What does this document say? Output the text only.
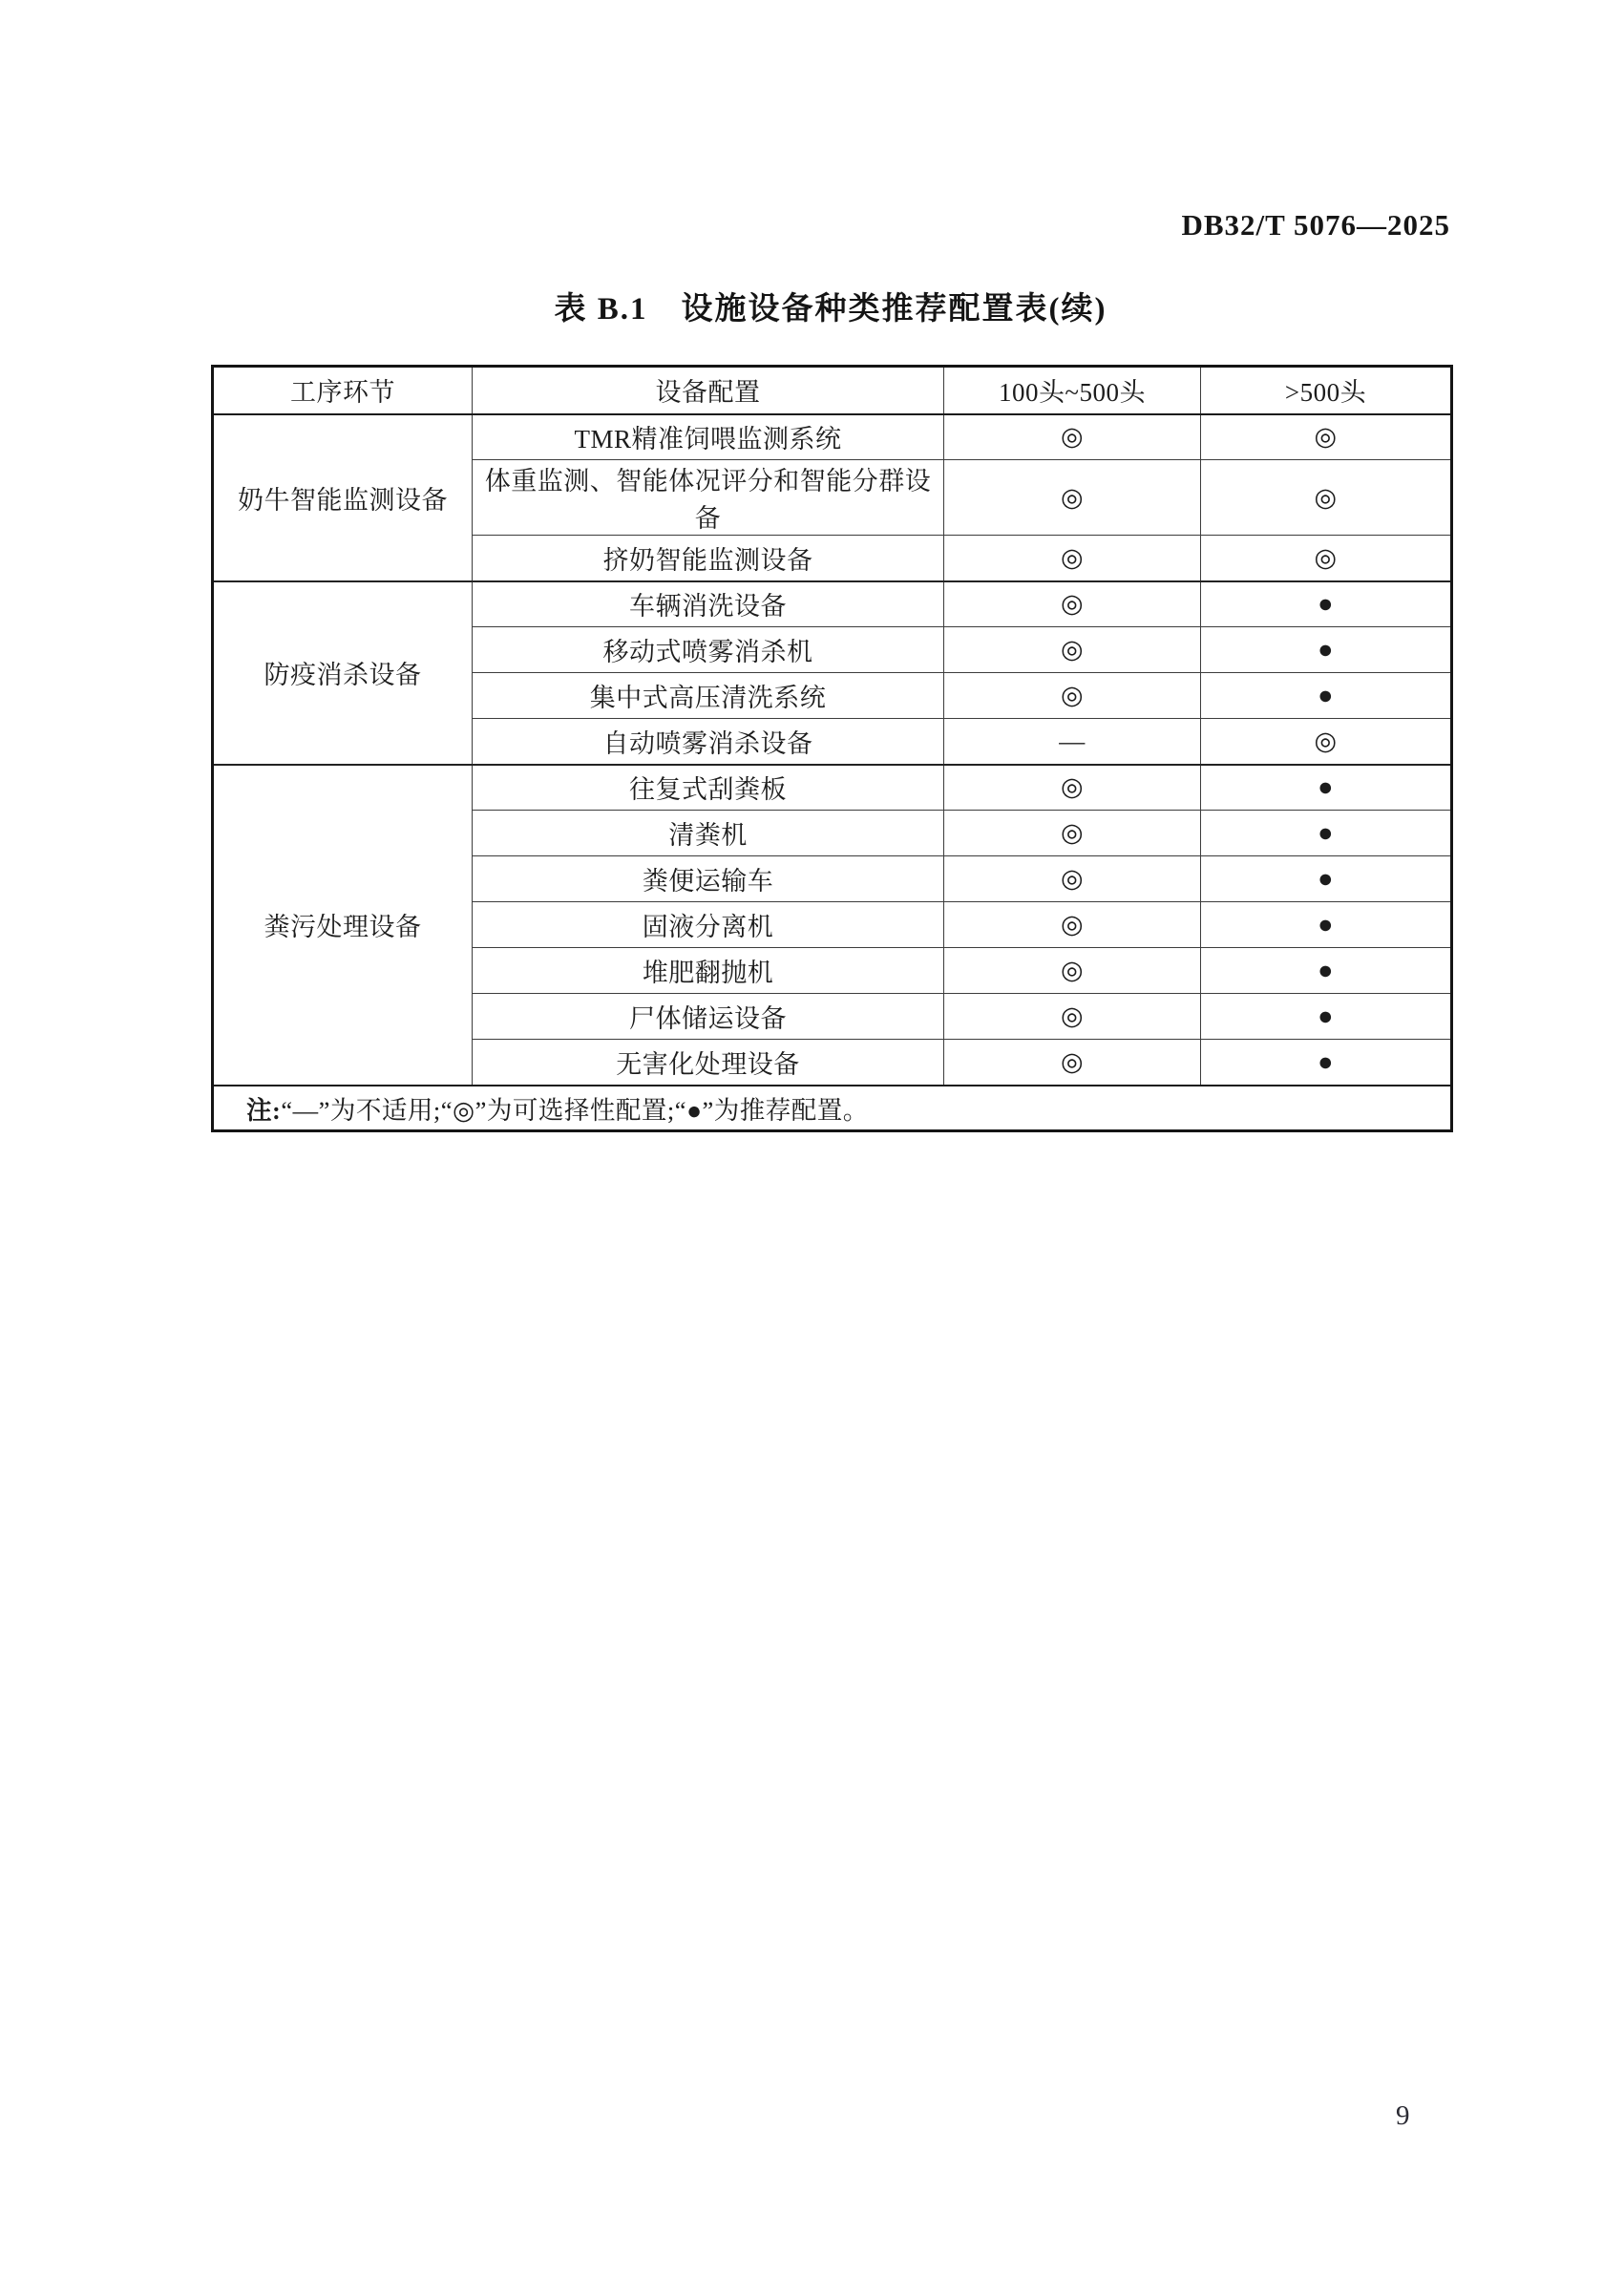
DB32/T 5076—2025
表 B.1　设施设备种类推荐配置表(续)
工序环节	设备配置	100头~500头	>500头
奶牛智能监测设备	TMR精准饲喂监测系统	◎	◎
	体重监测、智能体况评分和智能分群设备	◎	◎
	挤奶智能监测设备	◎	◎
防疫消杀设备	车辆消洗设备	◎	●
	移动式喷雾消杀机	◎	●
	集中式高压清洗系统	◎	●
	自动喷雾消杀设备	—	◎
粪污处理设备	往复式刮粪板	◎	●
	清粪机	◎	●
	粪便运输车	◎	●
	固液分离机	◎	●
	堆肥翻抛机	◎	●
	尸体储运设备	◎	●
	无害化处理设备	◎	●
注:“—”为不适用;“◎”为可选择性配置;“●”为推荐配置。			
9
